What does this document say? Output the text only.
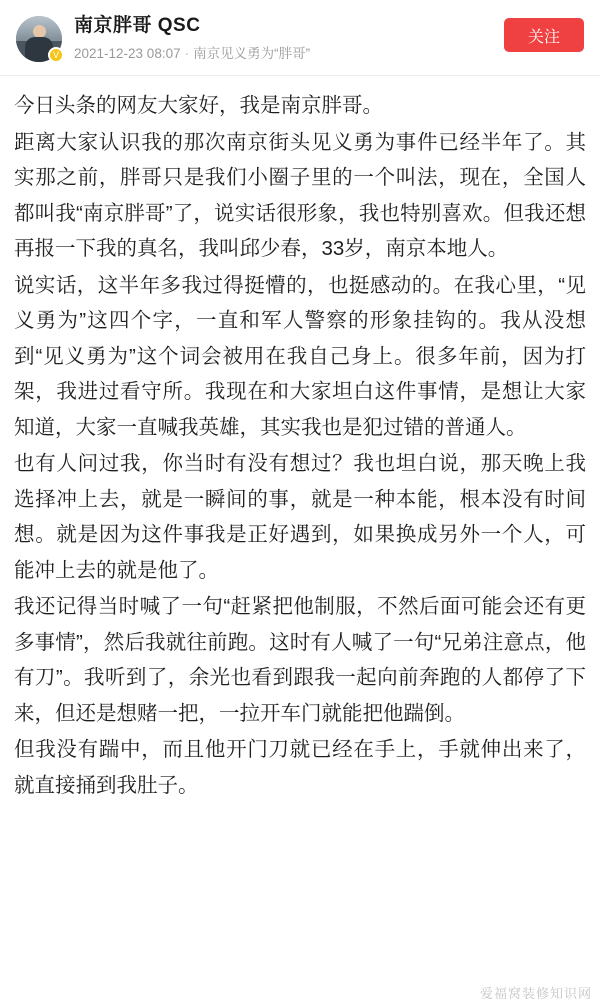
V
南京胖哥 QSC
2021-12-23 08:07 · 南京见义勇为“胖哥”
关注

今日头条的网友大家好，我是南京胖哥。

距离大家认识我的那次南京街头见义勇为事件已经半年了。其实那之前，胖哥只是我们小圈子里的一个叫法，现在，全国人都叫我“南京胖哥”了，说实话很形象，我也特别喜欢。但我还想再报一下我的真名，我叫邱少春，33岁，南京本地人。

说实话，这半年多我过得挺懵的，也挺感动的。在我心里，“见义勇为”这四个字，一直和军人警察的形象挂钩的。我从没想到“见义勇为”这个词会被用在我自己身上。很多年前，因为打架，我进过看守所。我现在和大家坦白这件事情，是想让大家知道，大家一直喊我英雄，其实我也是犯过错的普通人。

也有人问过我，你当时有没有想过？我也坦白说，那天晚上我选择冲上去，就是一瞬间的事，就是一种本能，根本没有时间想。就是因为这件事我是正好遇到，如果换成另外一个人，可能冲上去的就是他了。

我还记得当时喊了一句“赶紧把他制服，不然后面可能会还有更多事情”，然后我就往前跑。这时有人喊了一句“兄弟注意点，他有刀”。我听到了，余光也看到跟我一起向前奔跑的人都停了下来，但还是想赌一把，一拉开车门就能把他踹倒。

但我没有踹中，而且他开门刀就已经在手上，手就伸出来了，就直接捅到我肚子。

爱福窝装修知识网
